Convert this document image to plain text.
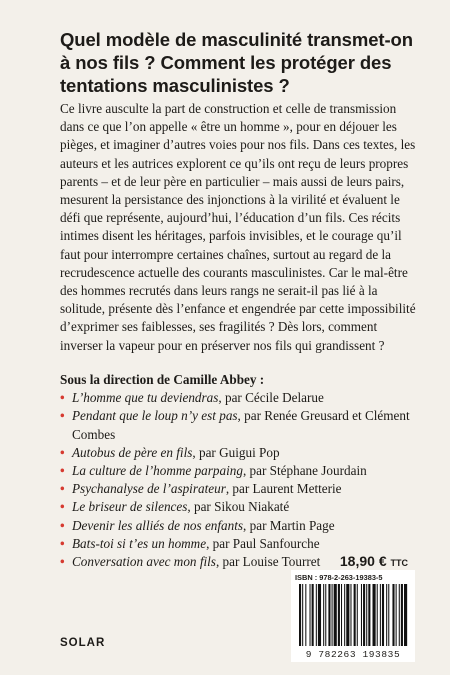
Quel modèle de masculinité transmet-on à nos fils ? Comment les protéger des tentations masculinistes ?

Ce livre ausculte la part de construction et celle de transmission dans ce que l’on appelle « être un homme », pour en déjouer les pièges, et imaginer d’autres voies pour nos fils. Dans ces textes, les auteurs et les autrices explorent ce qu’ils ont reçu de leurs propres parents – et de leur père en particulier – mais aussi de leurs pairs, mesurent la persistance des injonctions à la virilité et évaluent le défi que représente, aujourd’hui, l’éducation d’un fils. Ces récits intimes disent les héritages, parfois invisibles, et le courage qu’il faut pour interrompre certaines chaînes, surtout au regard de la recrudescence actuelle des courants masculinistes. Car le mal-être des hommes recrutés dans leurs rangs ne serait-il pas lié à la solitude, présente dès l’enfance et engendrée par cette impossibilité d’exprimer ses faiblesses, ses fragilités ? Dès lors, comment inverser la vapeur pour en préserver nos fils qui grandissent ?

Sous la direction de Camille Abbey :
• L’homme que tu deviendras, par Cécile Delarue
• Pendant que le loup n’y est pas, par Renée Greusard et Clément Combes
• Autobus de père en fils, par Guigui Pop
• La culture de l’homme parpaing, par Stéphane Jourdain
• Psychanalyse de l’aspirateur, par Laurent Metterie
• Le briseur de silences, par Sikou Niakaté
• Devenir les alliés de nos enfants, par Martin Page
• Bats-toi si t’es un homme, par Paul Sanfourche
• Conversation avec mon fils, par Louise Tourret	18,90 € TTC
ISBN : 978-2-263-19383-5
9 782263 193835
SOLAR
